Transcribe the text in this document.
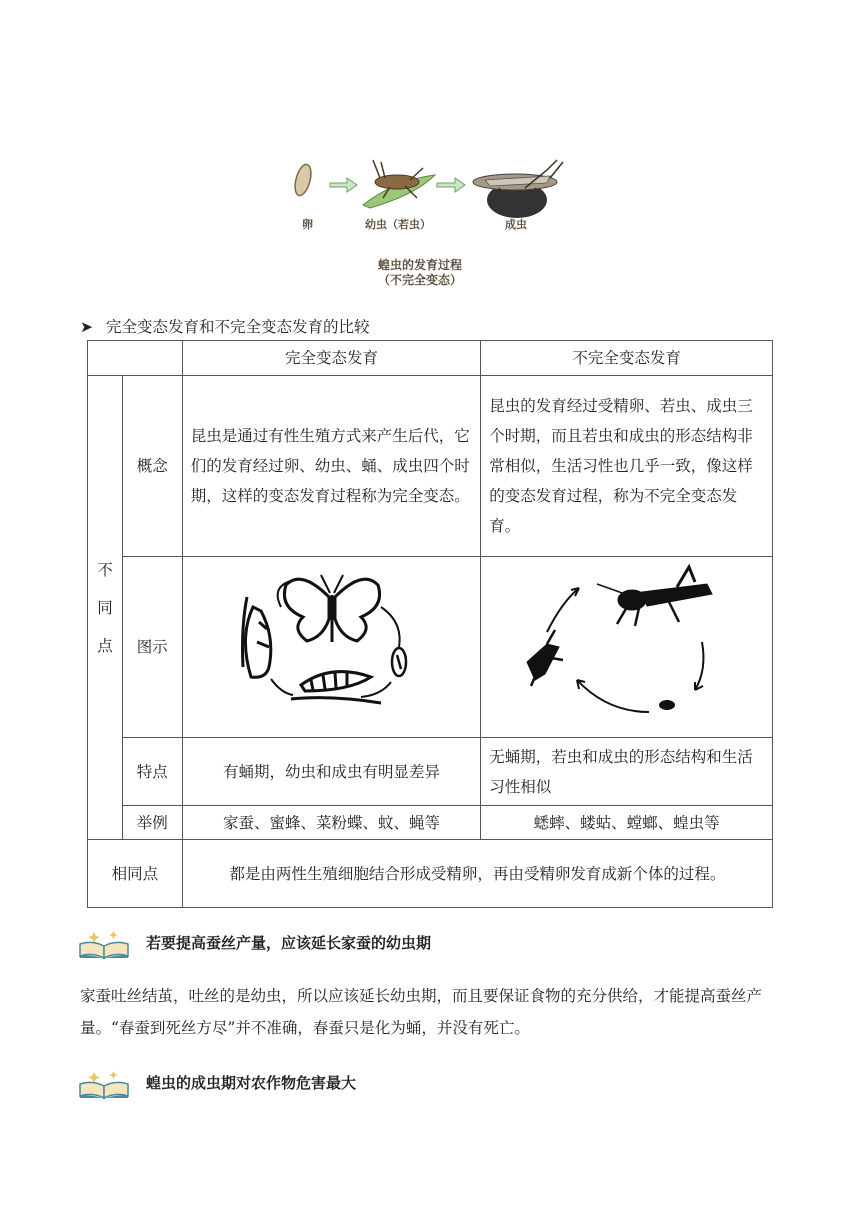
卵	幼虫（若虫）	成虫
蝗虫的发育过程
（不完全变态）
➤ 完全变态发育和不完全变态发育的比较
		完全变态发育	不完全变态发育

不同点	概念	昆虫是通过有性生殖方式来产生后代，它们的发育经过卵、幼虫、蛹、成虫四个时期，这样的变态发育过程称为完全变态。	昆虫的发育经过受精卵、若虫、成虫三个时期，而且若虫和成虫的形态结构非常相似，生活习性也几乎一致，像这样的变态发育过程，称为不完全变态发育。
	图示		
	特点	有蛹期，幼虫和成虫有明显差异	无蛹期，若虫和成虫的形态结构和生活习性相似
	举例	家蚕、蜜蜂、菜粉蝶、蚊、蝇等	蟋蟀、蝼蛄、螳螂、蝗虫等
相同点		都是由两性生殖细胞结合形成受精卵，再由受精卵发育成新个体的过程。	
若要提高蚕丝产量，应该延长家蚕的幼虫期
家蚕吐丝结茧，吐丝的是幼虫，所以应该延长幼虫期，而且要保证食物的充分供给，才能提高蚕丝产量。“春蚕到死丝方尽”并不准确，春蚕只是化为蛹，并没有死亡。
蝗虫的成虫期对农作物危害最大
